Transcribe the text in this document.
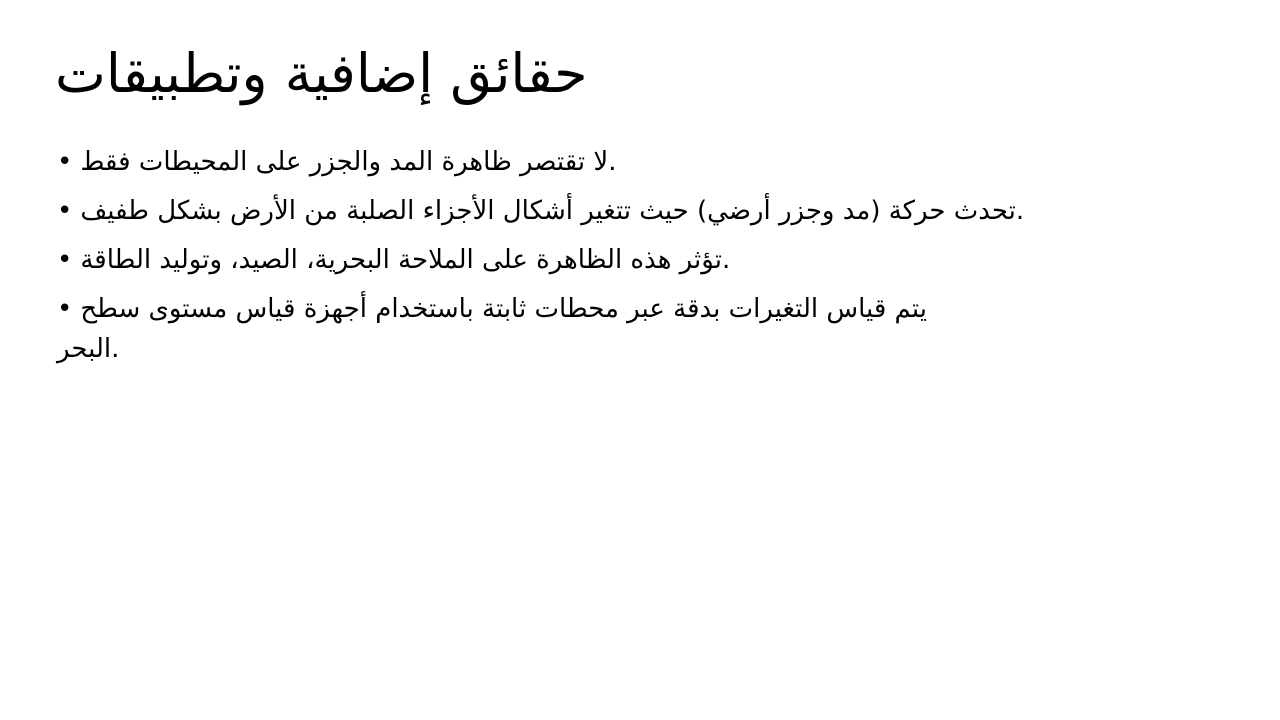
حقائق إضافية وتطبيقات
• لا تقتصر ظاهرة المد والجزر على المحيطات فقط.
• تحدث حركة (مد وجزر أرضي) حيث تتغير أشكال الأجزاء الصلبة من الأرض بشكل طفيف.
• تؤثر هذه الظاهرة على الملاحة البحرية، الصيد، وتوليد الطاقة.
• يتم قياس التغيرات بدقة عبر محطات ثابتة باستخدام أجهزة قياس مستوى سطح
البحر.
